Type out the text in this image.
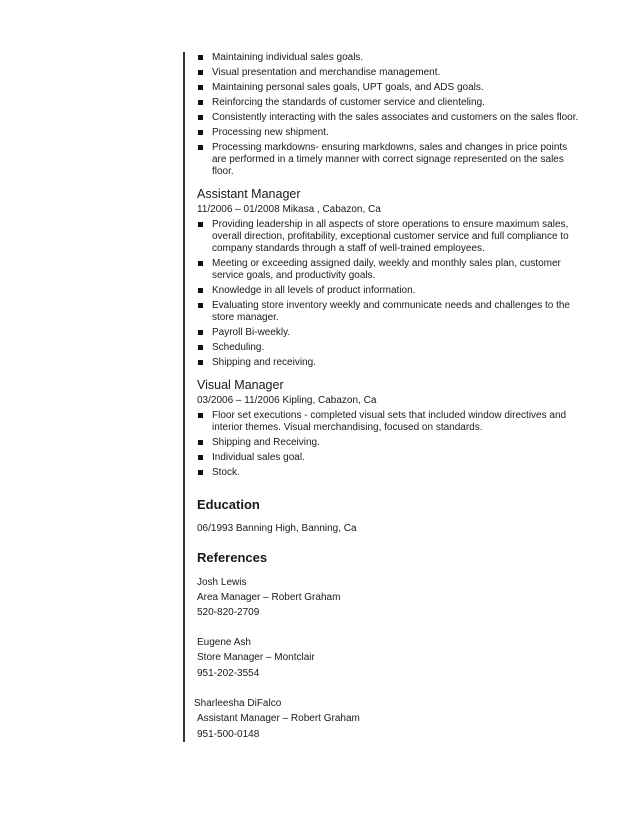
Maintaining individual sales goals.
Visual presentation and merchandise management.
Maintaining personal sales goals, UPT goals, and ADS goals.
Reinforcing the standards of customer service and clienteling.
Consistently interacting with the sales associates and customers on the sales floor.
Processing new shipment.
Processing markdowns- ensuring markdowns, sales and changes in price points are performed in a timely manner with correct signage represented on the sales floor.

Assistant Manager

11/2006 – 01/2008 Mikasa , Cabazon, Ca

Providing leadership in all aspects of store operations to ensure maximum sales, overall direction, profitability, exceptional customer service and full compliance to company standards through a staff of well-trained employees.
Meeting or exceeding assigned daily, weekly and monthly sales plan, customer service goals, and productivity goals.
Knowledge in all levels of product information.
Evaluating store inventory weekly and communicate needs and challenges to the store manager.
Payroll Bi-weekly.
Scheduling.
Shipping and receiving.

Visual Manager

03/2006 – 11/2006 Kipling, Cabazon, Ca

Floor set executions - completed visual sets that included window directives and interior themes. Visual merchandising, focused on standards.
Shipping and Receiving.
Individual sales goal.
Stock.

Education

06/1993 Banning High, Banning, Ca

References

Josh Lewis
Area Manager – Robert Graham
520-820-2709
Eugene Ash
Store Manager – Montclair
951-202-3554
Sharleesha DiFalco
Assistant Manager – Robert Graham
951-500-0148
